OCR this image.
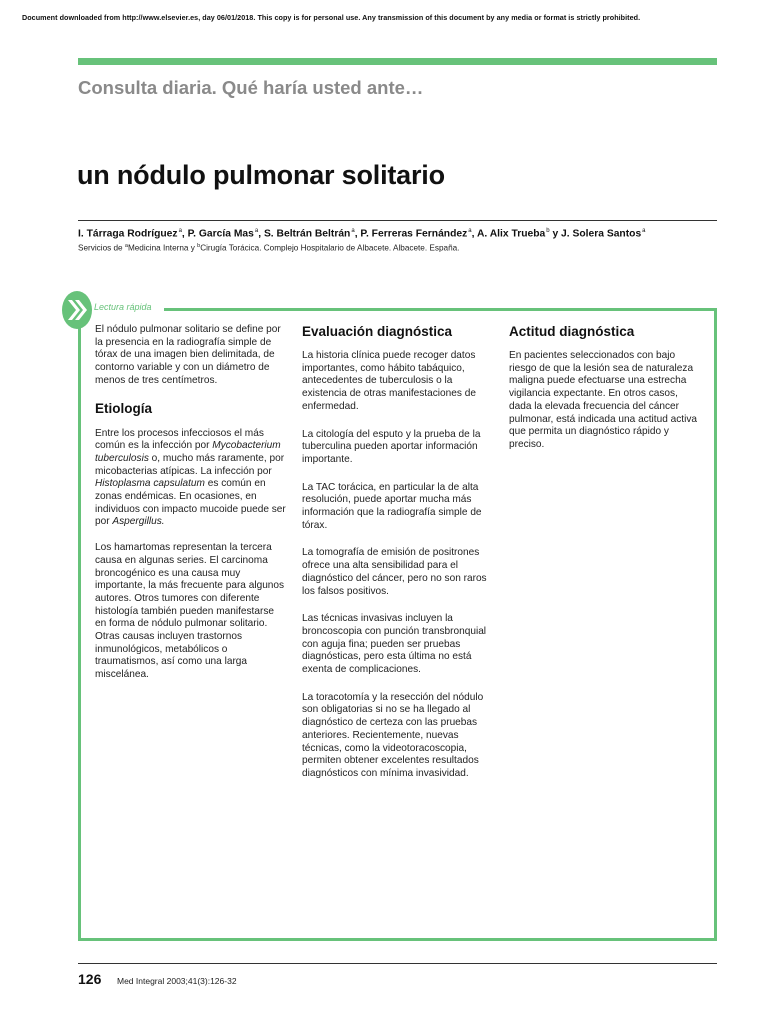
Document downloaded from http://www.elsevier.es, day 06/01/2018. This copy is for personal use. Any transmission of this document by any media or format is strictly prohibited.
Consulta diaria. Qué haría usted ante…
un nódulo pulmonar solitario
I. Tárraga Rodríguez$^a$, P. García Mas$^a$, S. Beltrán Beltrán$^a$, P. Ferreras Fernández$^a$, A. Alix Trueba$^b$ y J. Solera Santos$^a$
Servicios de $^a$Medicina Interna y $^b$Cirugía Torácica. Complejo Hospitalario de Albacete. Albacete. España.
Lectura rápida

El nódulo pulmonar solitario se define por la presencia en la radiografía simple de tórax de una imagen bien delimitada, de contorno variable y con un diámetro de menos de tres centímetros.

Etiología

Entre los procesos infecciosos el más común es la infección por Mycobacterium tuberculosis o, mucho más raramente, por micobacterias atípicas. La infección por Histoplasma capsulatum es común en zonas endémicas. En ocasiones, en individuos con impacto mucoide puede ser por Aspergillus.

Los hamartomas representan la tercera causa en algunas series. El carcinoma broncogénico es una causa muy importante, la más frecuente para algunos autores. Otros tumores con diferente histología también pueden manifestarse en forma de nódulo pulmonar solitario. Otras causas incluyen trastornos inmunológicos, metabólicos o traumatismos, así como una larga miscelánea.

Evaluación diagnóstica

La historia clínica puede recoger datos importantes, como hábito tabáquico, antecedentes de tuberculosis o la existencia de otras manifestaciones de enfermedad.

La citología del esputo y la prueba de la tuberculina pueden aportar información importante.

La TAC torácica, en particular la de alta resolución, puede aportar mucha más información que la radiografía simple de tórax.

La tomografía de emisión de positrones ofrece una alta sensibilidad para el diagnóstico del cáncer, pero no son raros los falsos positivos.

Las técnicas invasivas incluyen la broncoscopia con punción transbronquial con aguja fina; pueden ser pruebas diagnósticas, pero esta última no está exenta de complicaciones.

La toracotomía y la resección del nódulo son obligatorias si no se ha llegado al diagnóstico de certeza con las pruebas anteriores. Recientemente, nuevas técnicas, como la videotoracoscopia, permiten obtener excelentes resultados diagnósticos con mínima invasividad.

Actitud diagnóstica

En pacientes seleccionados con bajo riesgo de que la lesión sea de naturaleza maligna puede efectuarse una estrecha vigilancia expectante. En otros casos, dada la elevada frecuencia del cáncer pulmonar, está indicada una actitud activa que permita un diagnóstico rápido y preciso.

126 Med Integral 2003;41(3):126-32
